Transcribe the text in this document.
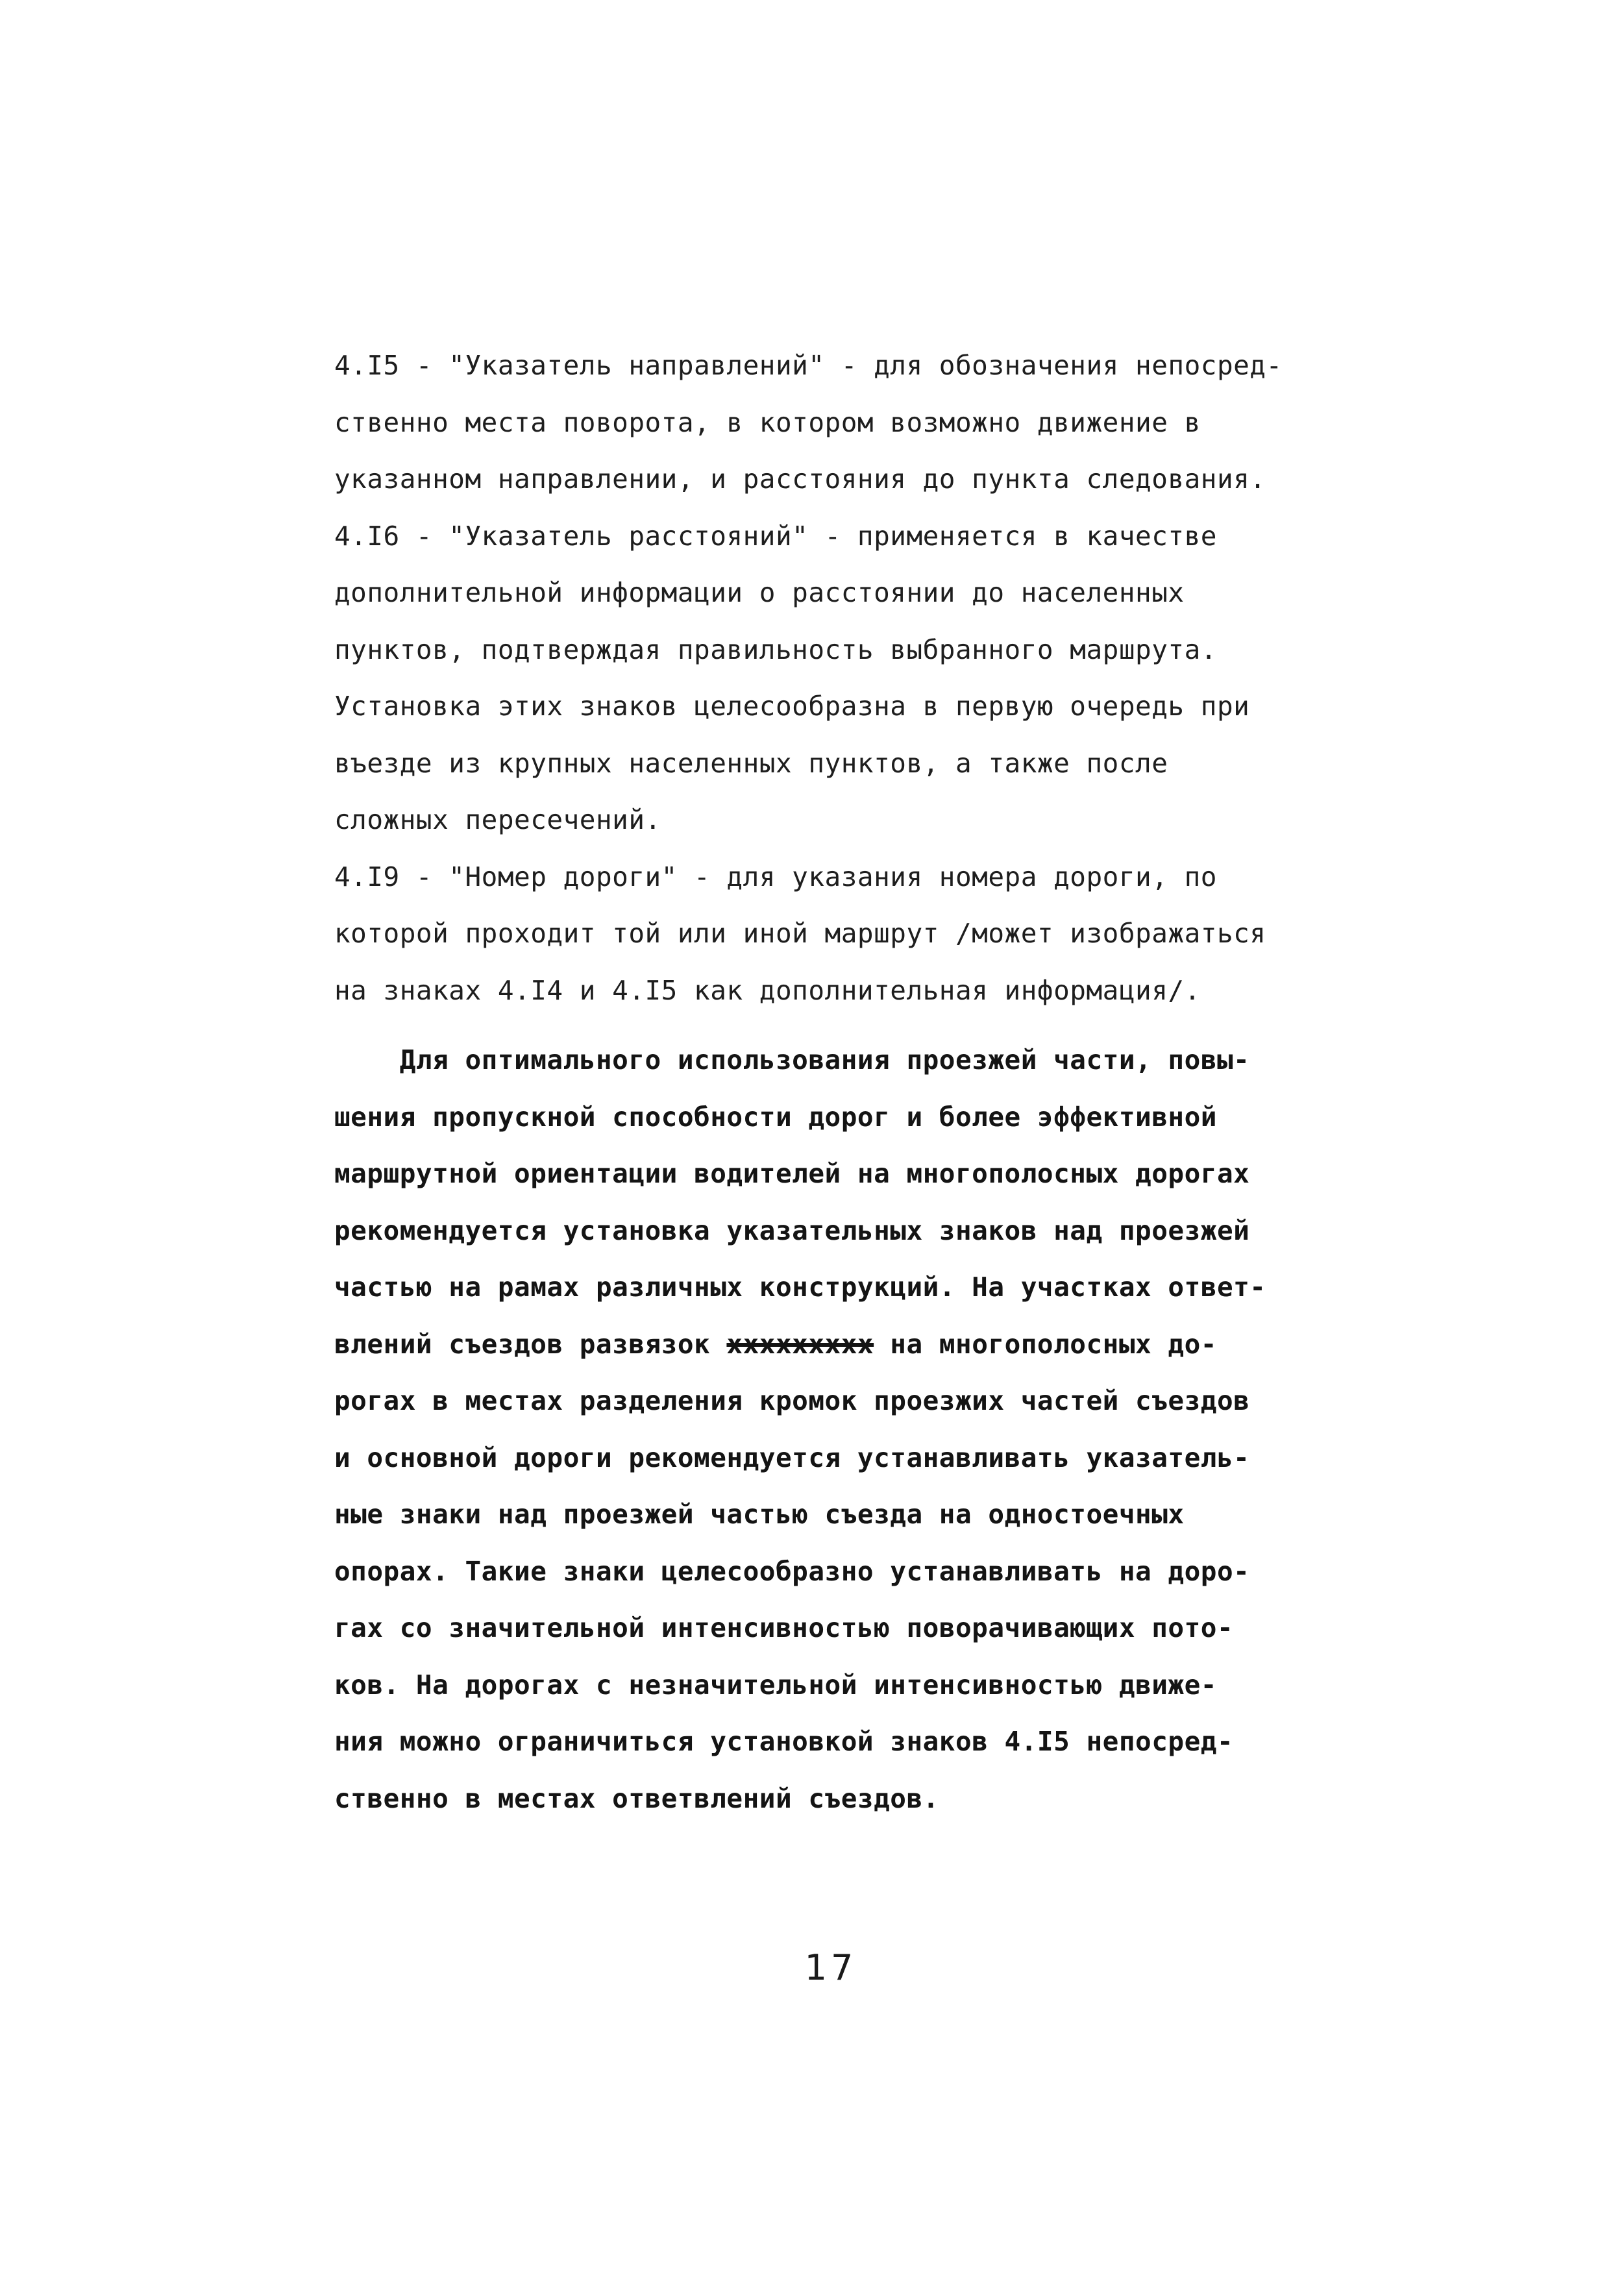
4.I5 - "Указатель направлений" - для обозначения непосред-
ственно места поворота, в котором возможно движение в
указанном направлении, и расстояния до пункта следования.
4.I6 - "Указатель расстояний" - применяется в качестве
дополнительной информации о расстоянии до населенных
пунктов, подтверждая правильность выбранного маршрута.
Установка этих знаков целесообразна в первую очередь при
въезде из крупных населенных пунктов, а также после
сложных пересечений.
4.I9 - "Номер дороги" - для указания номера дороги, по
которой проходит той или иной маршрут /может изображаться
на знаках 4.I4 и 4.I5 как дополнительная информация/.
Для оптимального использования проезжей части, повы-
шения пропускной способности дорог и более эффективной
маршрутной ориентации водителей на многополосных дорогах
рекомендуется установка указательных знаков над проезжей
частью на рамах различных конструкций. На участках ответ-
влений съездов развязок xxxxxxxxx на многополосных до-
рогах в местах разделения кромок проезжих частей съездов
и основной дороги рекомендуется устанавливать указатель-
ные знаки над проезжей частью съезда на одностоечных
опорах. Такие знаки целесообразно устанавливать на доро-
гах со значительной интенсивностью поворачивающих пото-
ков. На дорогах с незначительной интенсивностью движе-
ния можно ограничиться установкой знаков 4.I5 непосред-
ственно в местах ответвлений съездов.
17
